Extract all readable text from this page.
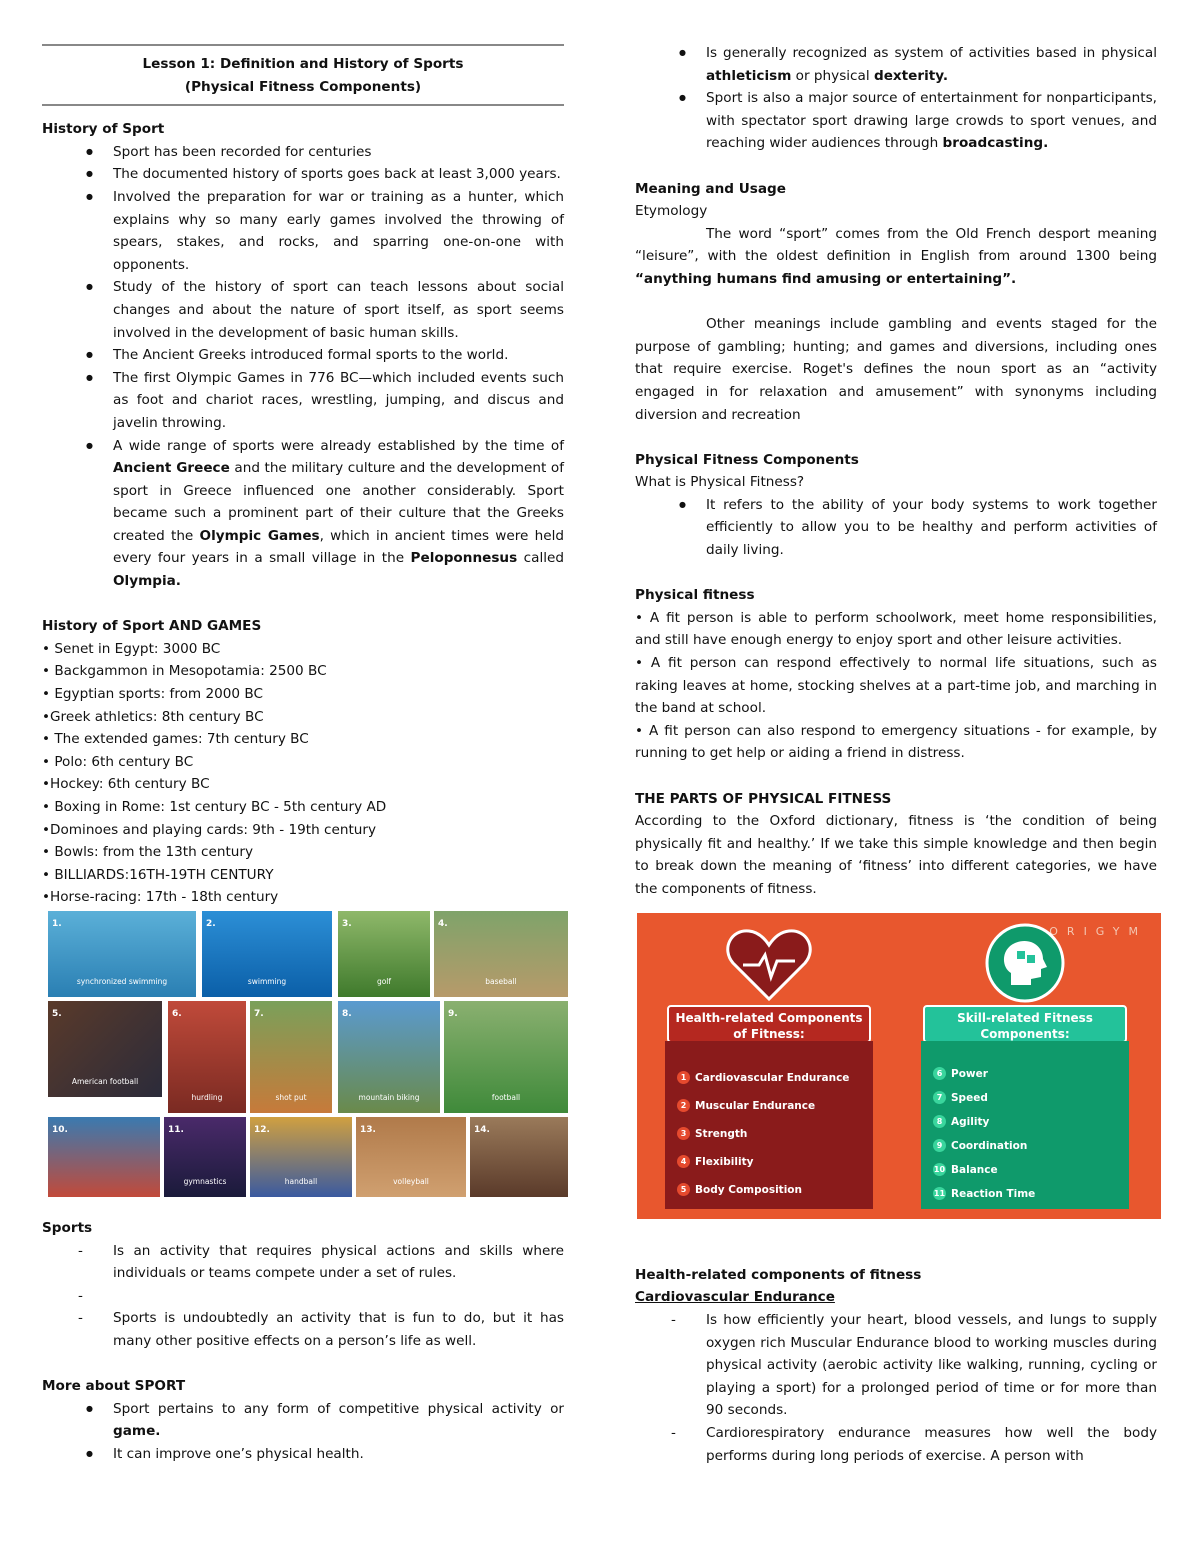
Lesson 1: Definition and History of Sports
(Physical Fitness Components)
History of Sport
● Sport has been recorded for centuries
● The documented history of sports goes back at least 3,000 years.
● Involved the preparation for war or training as a hunter, which explains why so many early games involved the throwing of spears, stakes, and rocks, and sparring one-on-one with opponents.
● Study of the history of sport can teach lessons about social changes and about the nature of sport itself, as sport seems involved in the development of basic human skills.
● The Ancient Greeks introduced formal sports to the world.
● The first Olympic Games in 776 BC—which included events such as foot and chariot races, wrestling, jumping, and discus and javelin throwing.
● A wide range of sports were already established by the time of Ancient Greece and the military culture and the development of sport in Greece influenced one another considerably. Sport became such a prominent part of their culture that the Greeks created the Olympic Games, which in ancient times were held every four years in a small village in the Peloponnesus called Olympia.
History of Sport AND GAMES
• Senet in Egypt: 3000 BC
• Backgammon in Mesopotamia: 2500 BC
• Egyptian sports: from 2000 BC
•Greek athletics: 8th century BC
• The extended games: 7th century BC
• Polo: 6th century BC
•Hockey: 6th century BC
• Boxing in Rome: 1st century BC - 5th century AD
•Dominoes and playing cards: 9th - 19th century
• Bowls: from the 13th century
• BILLIARDS:16TH-19TH CENTURY
•Horse-racing: 17th - 18th century
1.
synchronized swimming
2.
swimming
3.
golf
4.
baseball
5.
American football
6.
hurdling
7.
shot put
8.
mountain biking
9.
football
10.	11.
gymnastics
12.
handball
13.
volleyball
14.
Sports
- Is an activity that requires physical actions and skills where individuals or teams compete under a set of rules.
-
- Sports is undoubtedly an activity that is fun to do, but it has many other positive effects on a person’s life as well.
More about SPORT
● Sport pertains to any form of competitive physical activity or game.
● It can improve one’s physical health.
● Is generally recognized as system of activities based in physical athleticism or physical dexterity.
● Sport is also a major source of entertainment for nonparticipants, with spectator sport drawing large crowds to sport venues, and reaching wider audiences through broadcasting.
Meaning and Usage
Etymology
The word “sport” comes from the Old French desport meaning “leisure”, with the oldest definition in English from around 1300 being “anything humans find amusing or entertaining”.
Other meanings include gambling and events staged for the purpose of gambling; hunting; and games and diversions, including ones that require exercise. Roget's defines the noun sport as an “activity engaged in for relaxation and amusement” with synonyms including diversion and recreation
Physical Fitness Components
What is Physical Fitness?
● It refers to the ability of your body systems to work together efficiently to allow you to be healthy and perform activities of daily living.
Physical fitness
• A fit person is able to perform schoolwork, meet home responsibilities, and still have enough energy to enjoy sport and other leisure activities.
• A fit person can respond effectively to normal life situations, such as raking leaves at home, stocking shelves at a part-time job, and marching in the band at school.
• A fit person can also respond to emergency situations - for example, by running to get help or aiding a friend in distress.
THE PARTS OF PHYSICAL FITNESS
According to the Oxford dictionary, fitness is ‘the condition of being physically fit and healthy.’ If we take this simple knowledge and then begin to break down the meaning of ‘fitness’ into different categories, we have the components of fitness.
ORIGYM
Health-related Components of Fitness:
Skill-related Fitness Components:
1 Cardiovascular Endurance
2 Muscular Endurance
3 Strength
4 Flexibility
5 Body Composition
6 Power
7 Speed
8 Agility
9 Coordination
10 Balance
11 Reaction Time
Health-related components of fitness
Cardiovascular Endurance
- Is how efficiently your heart, blood vessels, and lungs to supply oxygen rich Muscular Endurance blood to working muscles during physical activity (aerobic activity like walking, running, cycling or playing a sport) for a prolonged period of time or for more than 90 seconds.
- Cardiorespiratory endurance measures how well the body performs during long periods of exercise. A person with
